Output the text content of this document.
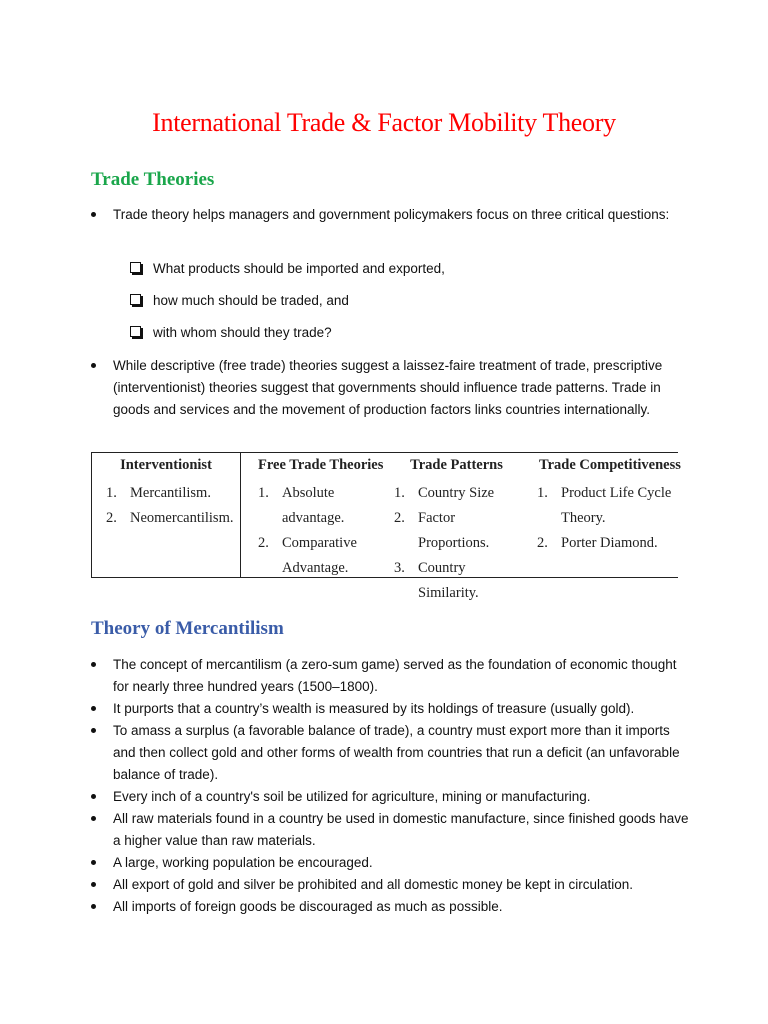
International Trade & Factor Mobility Theory
Trade Theories
Trade theory helps managers and government policymakers focus on three critical questions:
What products should be imported and exported,
how much should be traded, and
with whom should they trade?
While descriptive (free trade) theories suggest a laissez-faire treatment of trade, prescriptive (interventionist) theories suggest that governments should influence trade patterns. Trade in goods and services and the movement of production factors links countries internationally.
Interventionist
1. Mercantilism.
2. Neomercantilism.
Free Trade Theories
1. Absolute advantage.
2. Comparative Advantage.
Trade Patterns
1. Country Size
2. Factor Proportions.
3. Country Similarity.
Trade Competitiveness
1. Product Life Cycle Theory.
2. Porter Diamond.
Theory of Mercantilism
The concept of mercantilism (a zero-sum game) served as the foundation of economic thought for nearly three hundred years (1500–1800).
It purports that a country’s wealth is measured by its holdings of treasure (usually gold).
To amass a surplus (a favorable balance of trade), a country must export more than it imports and then collect gold and other forms of wealth from countries that run a deficit (an unfavorable balance of trade).
Every inch of a country's soil be utilized for agriculture, mining or manufacturing.
All raw materials found in a country be used in domestic manufacture, since finished goods have a higher value than raw materials.
A large, working population be encouraged.
All export of gold and silver be prohibited and all domestic money be kept in circulation.
All imports of foreign goods be discouraged as much as possible.
